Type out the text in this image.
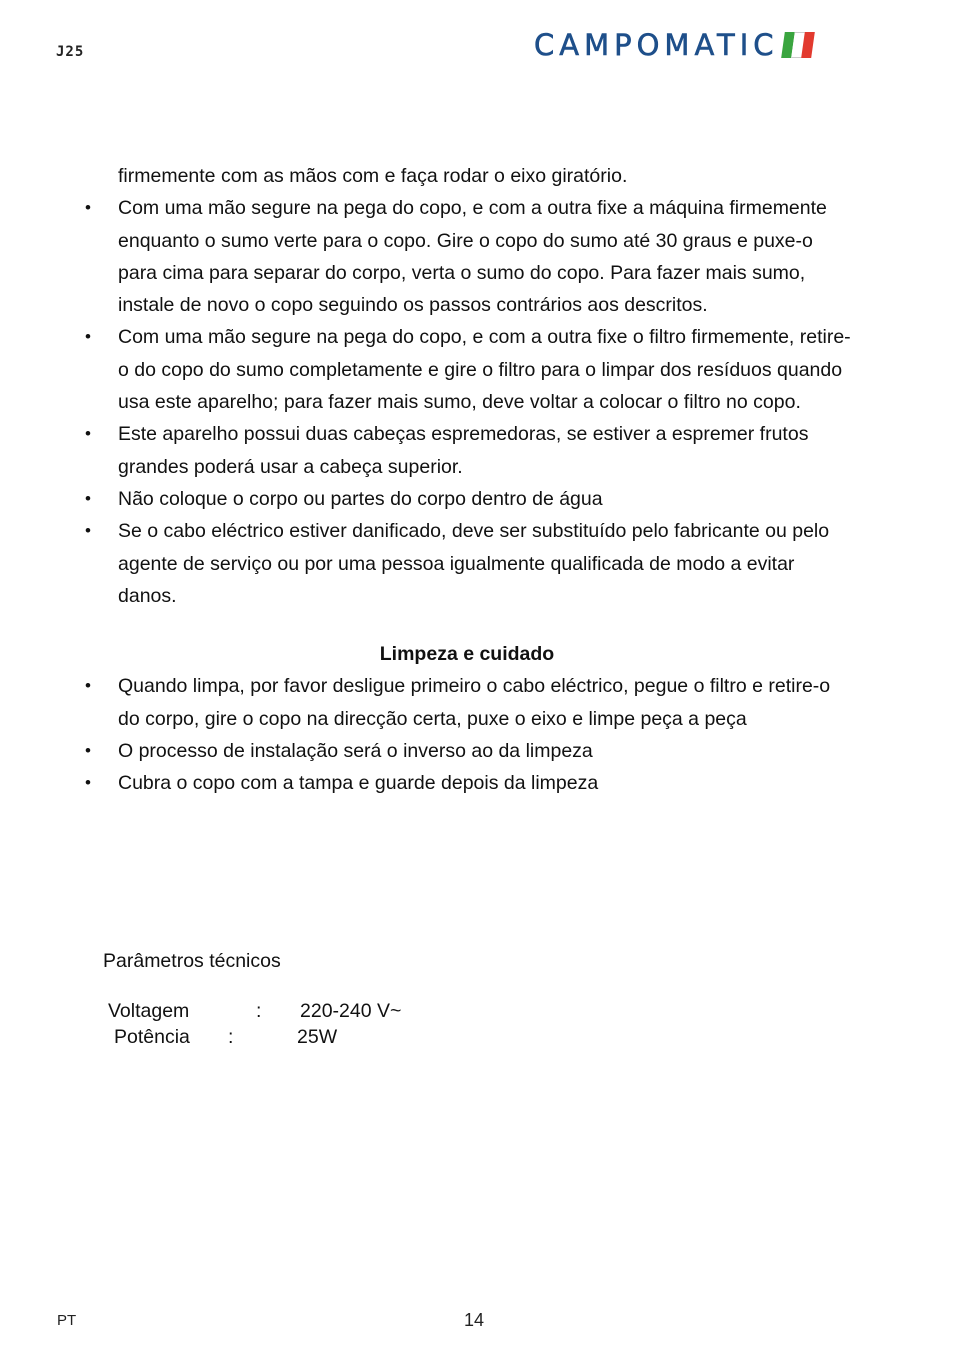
J25	CAMPOMATIC

firmemente com as mãos com e faça rodar o eixo giratório.

• Com uma mão segure na pega do copo, e com a outra fixe a máquina firmemente enquanto o sumo verte para o copo. Gire o copo do sumo até 30 graus e puxe-o para cima para separar do corpo, verta o sumo do copo. Para fazer mais sumo, instale de novo o copo seguindo os passos contrários aos descritos.
• Com uma mão segure na pega do copo, e com a outra fixe o filtro firmemente, retire-o do copo do sumo completamente e gire o filtro para o limpar dos resíduos quando usa este aparelho; para fazer mais sumo, deve voltar a colocar o filtro no copo.
• Este aparelho possui duas cabeças espremedoras, se estiver a espremer frutos grandes poderá usar a cabeça superior.
• Não coloque o corpo ou partes do corpo dentro de água
• Se o cabo eléctrico estiver danificado, deve ser substituído pelo fabricante ou pelo agente de serviço ou por uma pessoa igualmente qualificada de modo a evitar danos.

Limpeza e cuidado

• Quando limpa, por favor desligue primeiro o cabo eléctrico, pegue o filtro e retire-o do corpo, gire o copo na direcção certa, puxe o eixo e limpe peça a peça
• O processo de instalação será o inverso ao da limpeza
• Cubra o copo com a tampa e guarde depois da limpeza
Parâmetros técnicos
Voltagem	: 220-240 V~
Potência :	25W
PT	14
